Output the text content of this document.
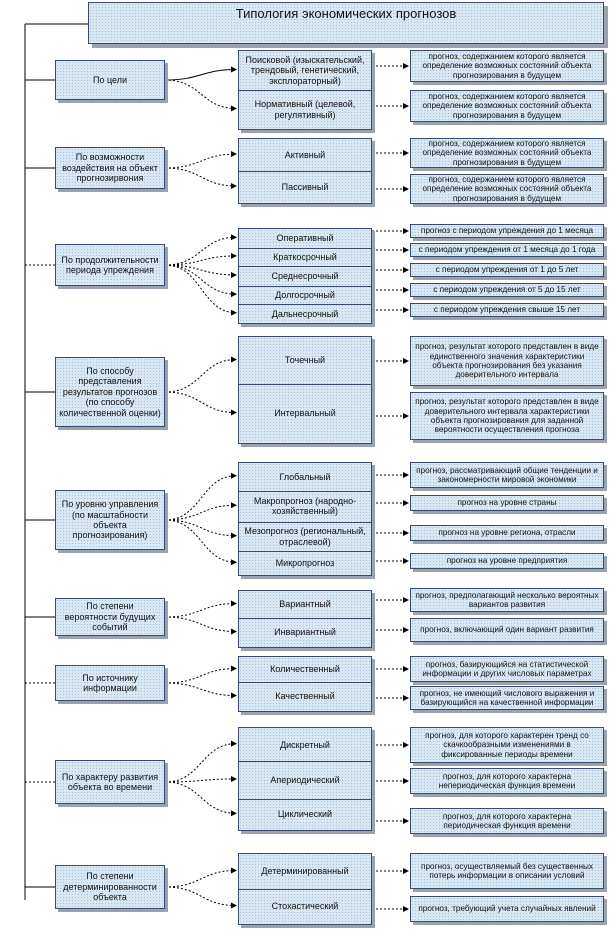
Типология экономических прогнозов
По цели
Поисковой (изыскательский, трендовый, генетический, эксплораторный)
Нормативный (целевой, регулятивный)
прогноз, содержанием которого является определение возможных состояний объекта прогнозирования в будущем
прогноз, содержанием которого является определение возможных состояний объекта прогнозирования в будущем
По возможности воздействия на объект прогнозирвония
Активный
Пассивный
прогноз, содержанием которого является определение возможных состояний объекта прогнозирования в будущем
прогноз, содержанием которого является определение возможных состояний объекта прогнозирования в будущем
По продолжительности периода упреждения
Оперативный
Краткосрочный
Среднесрочный
Долгосрочный
Дальнесрочный
прогноз с периодом упреждения до 1 месяца
с периодом упреждения от 1 месяца до 1 года
с периодом упреждения от 1 до 5 лет
с периодом упреждения от 5 до 15 лет
с периодом упреждения свыше 15 лет
По способу представления результатов прогнозов (по способу количественной оценки)
Точечный
Интервальный
прогноз, результат которого представлен в виде единственного значения характеристики объекта прогнозирования без указания доверительного интервала
прогноз, результат которого представлен в виде доверительного интервала характеристики объекта прогнозирования для заданной вероятности осуществления прогноза
По уровню управления (по масштабности объекта прогнозирования)
Глобальный
Макропрогноз (народно-хозяйственный)
Мезопрогноз (региональный, отраслевой)
Микропрогноз
прогноз, рассматривающий общие тенденции и закономерности мировой экономики
прогноз на уровне страны
прогноз на уровне региона, отрасли
прогноз на уровне предприятия
По степени вероятности будущих событий
Вариантный
Инвариантный
прогноз, предполагающий несколько вероятных вариантов развития
прогноз, включающий один вариант развития
По источнику информации
Количественный
Качественный
прогноз, базирующийся на статистической информации и других числовых параметрах
прогноз, не имеющий числового выражения и базирующийся на качественной информации
По характеру развития объекта во времени
Дискретный
Апериодический
Циклический
прогноз, для которого характерен тренд со скачкообразными изменениями в фиксированные периоды времени
прогноз, для которого характерна непериодическая функция времени
прогноз, для которого характерна периодическая функция времени
По степени детерминированности объекта
Детерминированный
Стохастический
прогноз, осуществляемый без существенных потерь информации в описании условий
прогноз, требующий учета случайных явлений
